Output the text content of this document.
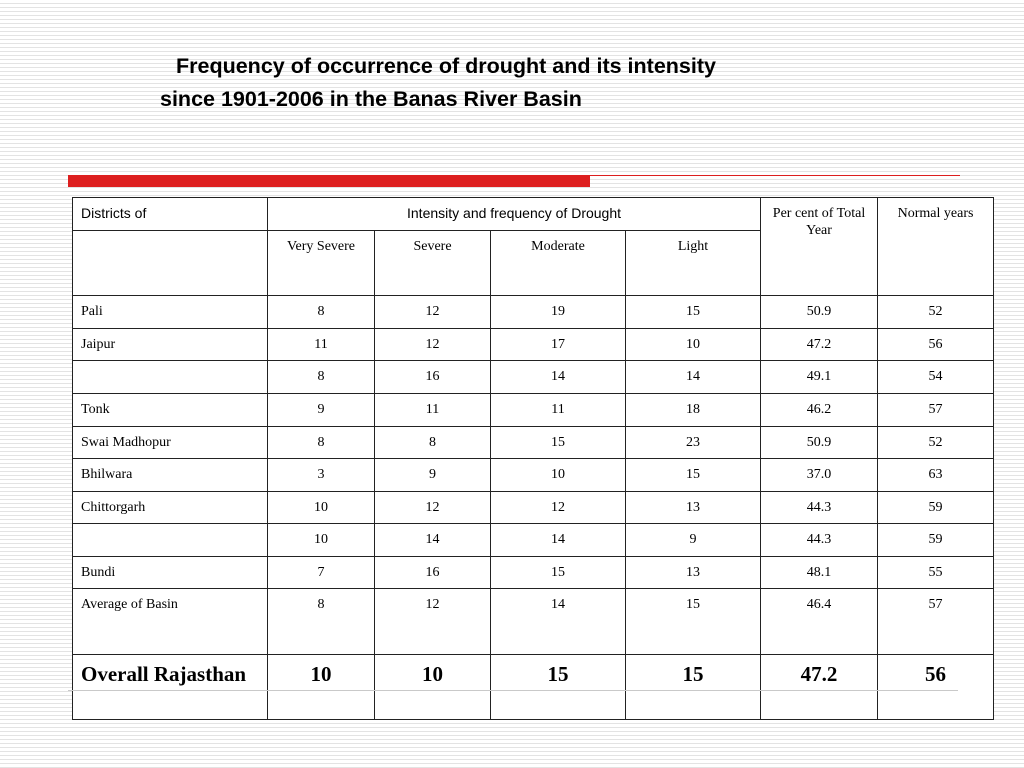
Frequency of occurrence of drought and its intensity
since 1901-2006 in the Banas River Basin
Districts of	Intensity and frequency of Drought				Per cent of Total Year	Normal years
	Very Severe	Severe	Moderate	Light		
Pali	8	12	19	15	50.9	52
Jaipur	11	12	17	10	47.2	56
	8	16	14	14	49.1	54
Tonk	9	11	11	18	46.2	57
Swai Madhopur	8	8	15	23	50.9	52
Bhilwara	3	9	10	15	37.0	63
Chittorgarh	10	12	12	13	44.3	59
	10	14	14	9	44.3	59
Bundi	7	16	15	13	48.1	55
Average of Basin	8	12	14	15	46.4	57
Overall Rajasthan	10	10	15	15	47.2	56
